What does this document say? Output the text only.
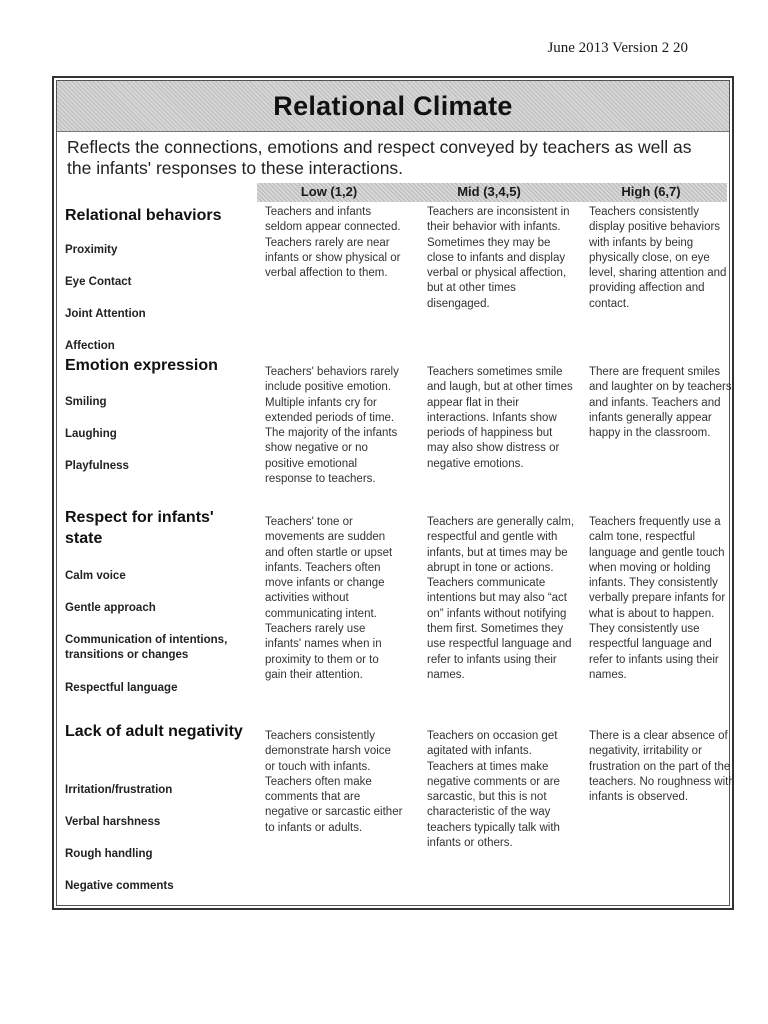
June 2013 Version 2 20
Relational Climate
Reflects the connections, emotions and respect conveyed by teachers as well as the infants' responses to these interactions.
Low (1,2)	Mid (3,4,5)	High (6,7)
Relational behaviors
Proximity
Eye Contact
Joint Attention
Affection
Teachers and infants seldom appear connected. Teachers rarely are near infants or show physical or verbal affection to them.
Teachers are inconsistent in their behavior with infants. Sometimes they may be close to infants and display verbal or physical affection, but at other times disengaged.
Teachers consistently display positive behaviors with infants by being physically close, on eye level, sharing attention and providing affection and contact.
Emotion expression
Smiling
Laughing
Playfulness
Teachers' behaviors rarely include positive emotion. Multiple infants cry for extended periods of time. The majority of the infants show negative or no positive emotional response to teachers.
Teachers sometimes smile and laugh, but at other times appear flat in their interactions. Infants show periods of happiness but may also show distress or negative emotions.
There are frequent smiles and laughter on by teachers and infants. Teachers and infants generally appear happy in the classroom.
Respect for infants' state
Calm voice
Gentle approach
Communication of intentions, transitions or changes
Respectful language
Teachers' tone or movements are sudden and often startle or upset infants. Teachers often move infants or change activities without communicating intent. Teachers rarely use infants' names when in proximity to them or to gain their attention.
Teachers are generally calm, respectful and gentle with infants, but at times may be abrupt in tone or actions. Teachers communicate intentions but may also “act on” infants without notifying them first. Sometimes they use respectful language and refer to infants using their names.
Teachers frequently use a calm tone, respectful language and gentle touch when moving or holding infants. They consistently verbally prepare infants for what is about to happen. They consistently use respectful language and refer to infants using their names.
Lack of adult negativity
Irritation/frustration
Verbal harshness
Rough handling
Negative comments
Teachers consistently demonstrate harsh voice or touch with infants. Teachers often make comments that are negative or sarcastic either to infants or adults.
Teachers on occasion get agitated with infants. Teachers at times make negative comments or are sarcastic, but this is not characteristic of the way teachers typically talk with infants or others.
There is a clear absence of negativity, irritability or frustration on the part of the teachers. No roughness with infants is observed.
